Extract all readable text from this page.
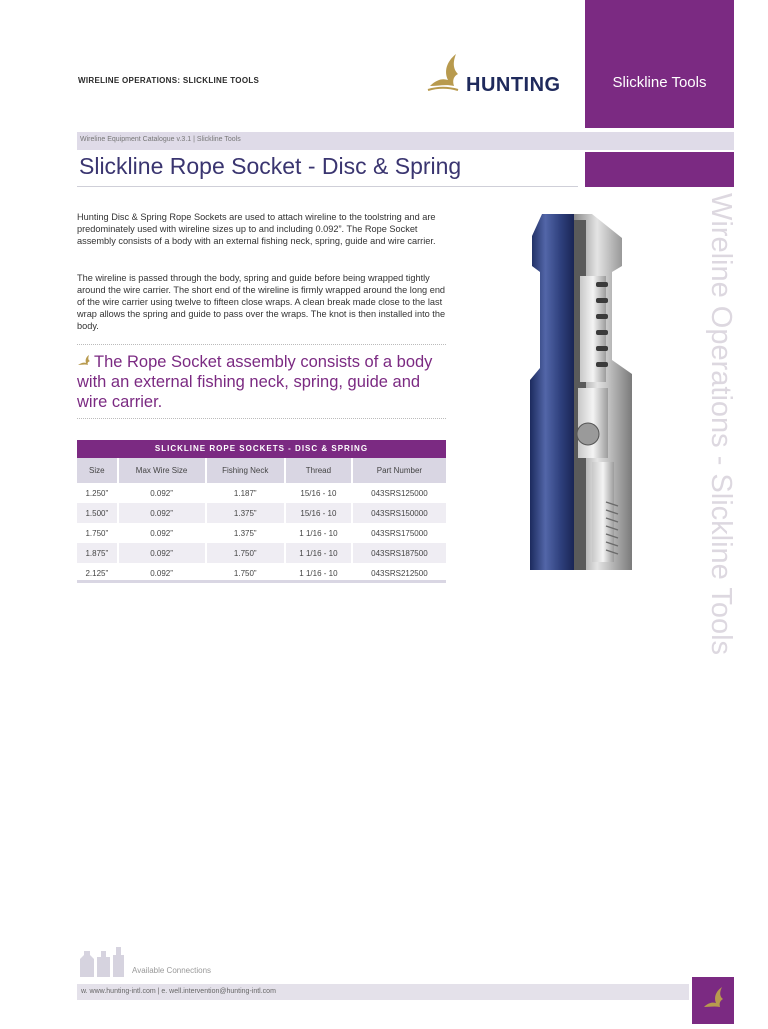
WIRELINE OPERATIONS: SLICKLINE TOOLS	HUNTING	Slickline Tools
Wireline Equipment Catalogue v.3.1 | Slickline Tools
Slickline Rope Socket - Disc & Spring

Hunting Disc & Spring Rope Sockets are used to attach wireline to the toolstring and are predominately used with wireline sizes up to and including 0.092”. The Rope Socket assembly consists of a body with an external fishing neck, spring, guide and wire carrier.

The wireline is passed through the body, spring and guide before being wrapped tightly around the wire carrier. The short end of the wireline is firmly wrapped around the long end of the wire carrier using twelve to fifteen close wraps. A clean break made close to the last wrap allows the spring and guide to pass over the wraps. The knot is then installed into the body.

The Rope Socket assembly consists of a body with an external fishing neck, spring, guide and wire carrier.
SLICKLINE ROPE SOCKETS - DISC & SPRING
Size	Max Wire Size	Fishing Neck	Thread	Part Number
1.250”	0.092”	1.187”	15/16 - 10	043SRS125000
1.500”	0.092”	1.375”	15/16 - 10	043SRS150000
1.750”	0.092”	1.375”	1 1/16 - 10	043SRS175000
1.875”	0.092”	1.750”	1 1/16 - 10	043SRS187500
2.125”	0.092”	1.750”	1 1/16 - 10	043SRS212500	Wireline Operations - Slickline Tools
Available Connections
w. www.hunting-intl.com | e. well.intervention@hunting-intl.com
